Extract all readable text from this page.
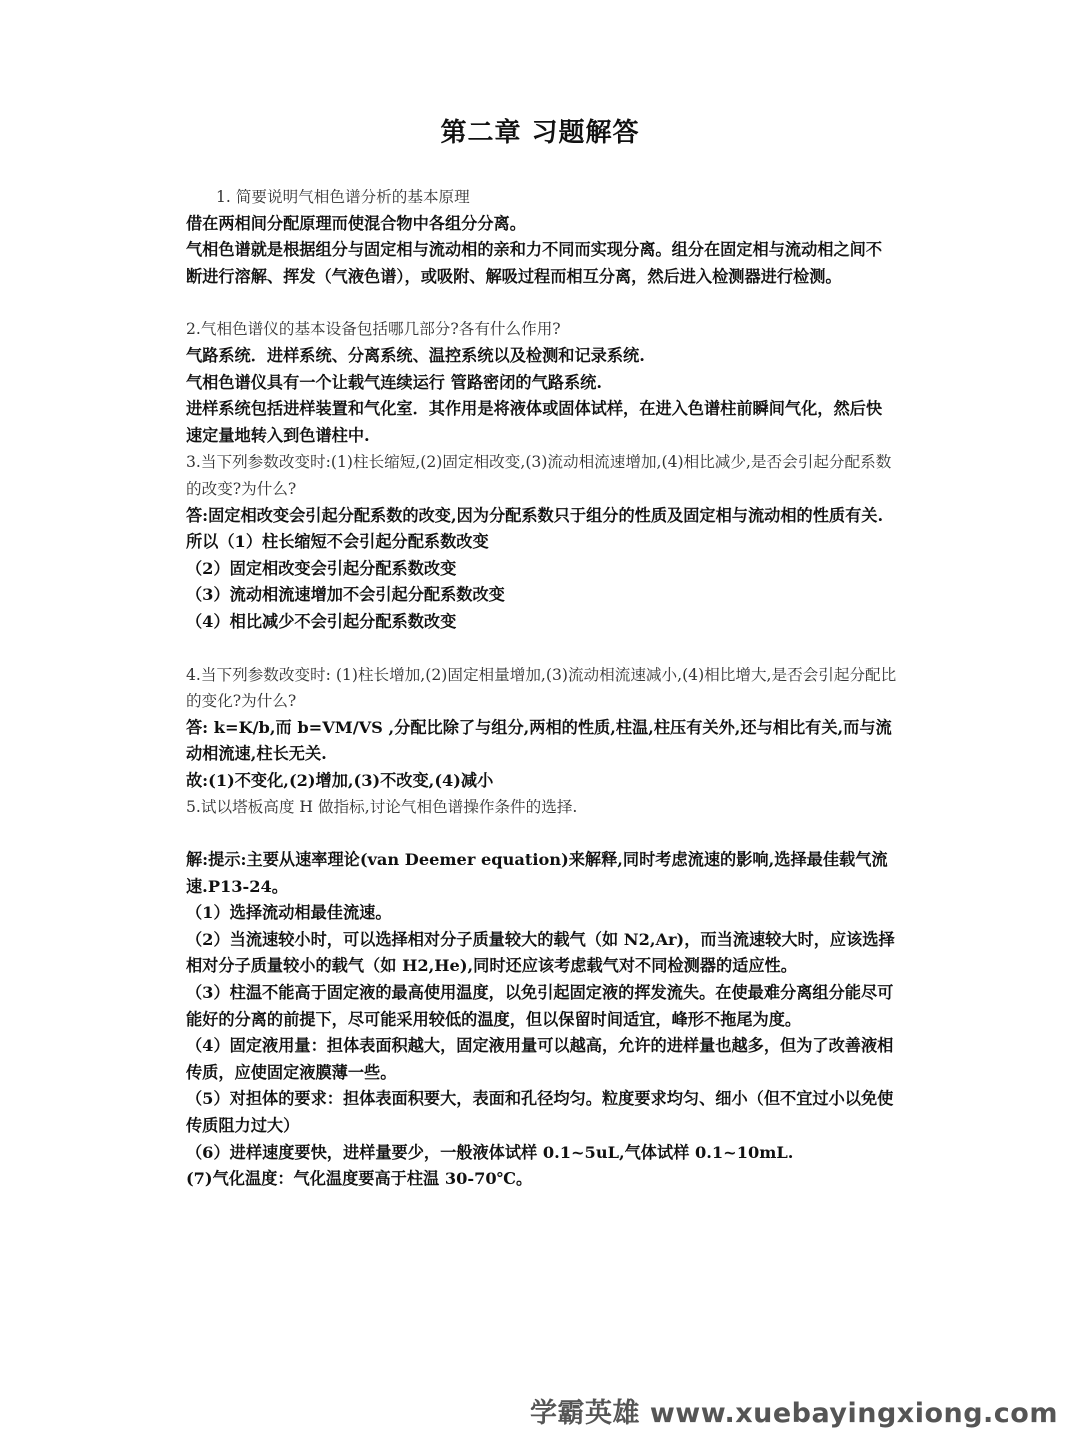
第二章 习题解答

1. 简要说明气相色谱分析的基本原理

借在两相间分配原理而使混合物中各组分分离。

气相色谱就是根据组分与固定相与流动相的亲和力不同而实现分离。组分在固定相与流动相之间不断进行溶解、挥发（气液色谱），或吸附、解吸过程而相互分离，然后进入检测器进行检测。

2.气相色谱仪的基本设备包括哪几部分?各有什么作用?

气路系统．进样系统、分离系统、温控系统以及检测和记录系统.

气相色谱仪具有一个让载气连续运行 管路密闭的气路系统.

进样系统包括进样装置和气化室．其作用是将液体或固体试样，在进入色谱柱前瞬间气化，然后快速定量地转入到色谱柱中.

3.当下列参数改变时:(1)柱长缩短,(2)固定相改变,(3)流动相流速增加,(4)相比减少,是否会引起分配系数的改变?为什么?

答:固定相改变会引起分配系数的改变,因为分配系数只于组分的性质及固定相与流动相的性质有关.

所以（1）柱长缩短不会引起分配系数改变

（2）固定相改变会引起分配系数改变

（3）流动相流速增加不会引起分配系数改变

（4）相比减少不会引起分配系数改变

4.当下列参数改变时: (1)柱长增加,(2)固定相量增加,(3)流动相流速减小,(4)相比增大,是否会引起分配比的变化?为什么?

答: k=K/b,而 b=VM/VS ,分配比除了与组分,两相的性质,柱温,柱压有关外,还与相比有关,而与流动相流速,柱长无关.

故:(1)不变化,(2)增加,(3)不改变,(4)减小

5.试以塔板高度 H 做指标,讨论气相色谱操作条件的选择.

解:提示:主要从速率理论(van Deemer equation)来解释,同时考虑流速的影响,选择最佳载气流速.P13-24。

（1）选择流动相最佳流速。

（2）当流速较小时，可以选择相对分子质量较大的载气（如 N2,Ar)，而当流速较大时，应该选择相对分子质量较小的载气（如 H2,He),同时还应该考虑载气对不同检测器的适应性。

（3）柱温不能高于固定液的最高使用温度，以免引起固定液的挥发流失。在使最难分离组分能尽可能好的分离的前提下，尽可能采用较低的温度，但以保留时间适宜，峰形不拖尾为度。

（4）固定液用量：担体表面积越大，固定液用量可以越高，允许的进样量也越多，但为了改善液相传质，应使固定液膜薄一些。

（5）对担体的要求：担体表面积要大，表面和孔径均匀。粒度要求均匀、细小（但不宜过小以免使传质阻力过大）

（6）进样速度要快，进样量要少，一般液体试样 0.1~5uL,气体试样 0.1~10mL.

(7)气化温度：气化温度要高于柱温 30-70℃。

学霸英雄 www.xuebayingxiong.com
